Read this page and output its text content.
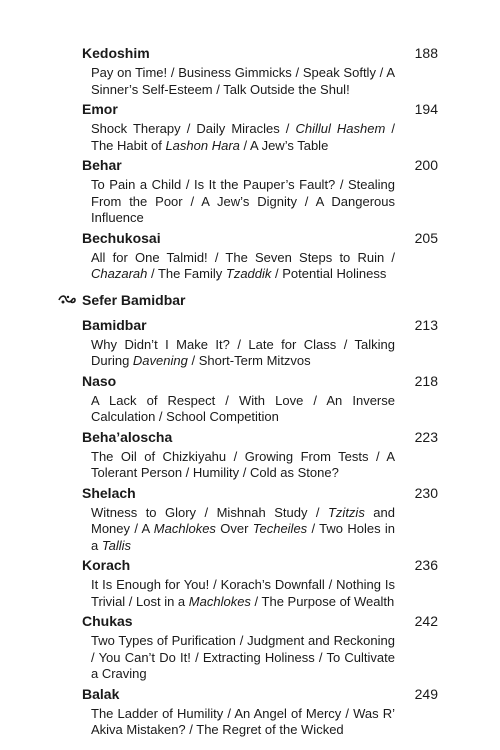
Kedoshim	188
Pay on Time! / Business Gimmicks / Speak Softly / A Sinner’s Self-Esteem / Talk Outside the Shul!
Emor	194
Shock Therapy / Daily Miracles / Chillul Hashem / The Habit of Lashon Hara / A Jew’s Table
Behar	200
To Pain a Child / Is It the Pauper’s Fault? / Stealing From the Poor / A Jew’s Dignity / A Dangerous Influence
Bechukosai	205
All for One Talmid! / The Seven Steps to Ruin / Chazarah / The Family Tzaddik / Potential Holiness
Sefer Bamidbar
Bamidbar	213
Why Didn’t I Make It? / Late for Class / Talking During Davening / Short-Term Mitzvos
Naso	218
A Lack of Respect / With Love / An Inverse Calculation / School Competition
Beha’aloscha	223
The Oil of Chizkiyahu / Growing From Tests / A Tolerant Person / Humility / Cold as Stone?
Shelach	230
Witness to Glory / Mishnah Study / Tzitzis and Money / A Machlokes Over Techeiles / Two Holes in a Tallis
Korach	236
It Is Enough for You! / Korach’s Downfall / Nothing Is Trivial / Lost in a Machlokes / The Purpose of Wealth
Chukas	242
Two Types of Purification / Judgment and Reckoning / You Can’t Do It! / Extracting Holiness / To Cultivate a Craving
Balak	249
The Ladder of Humility / An Angel of Mercy / Was R’ Akiva Mistaken? / The Regret of the Wicked
